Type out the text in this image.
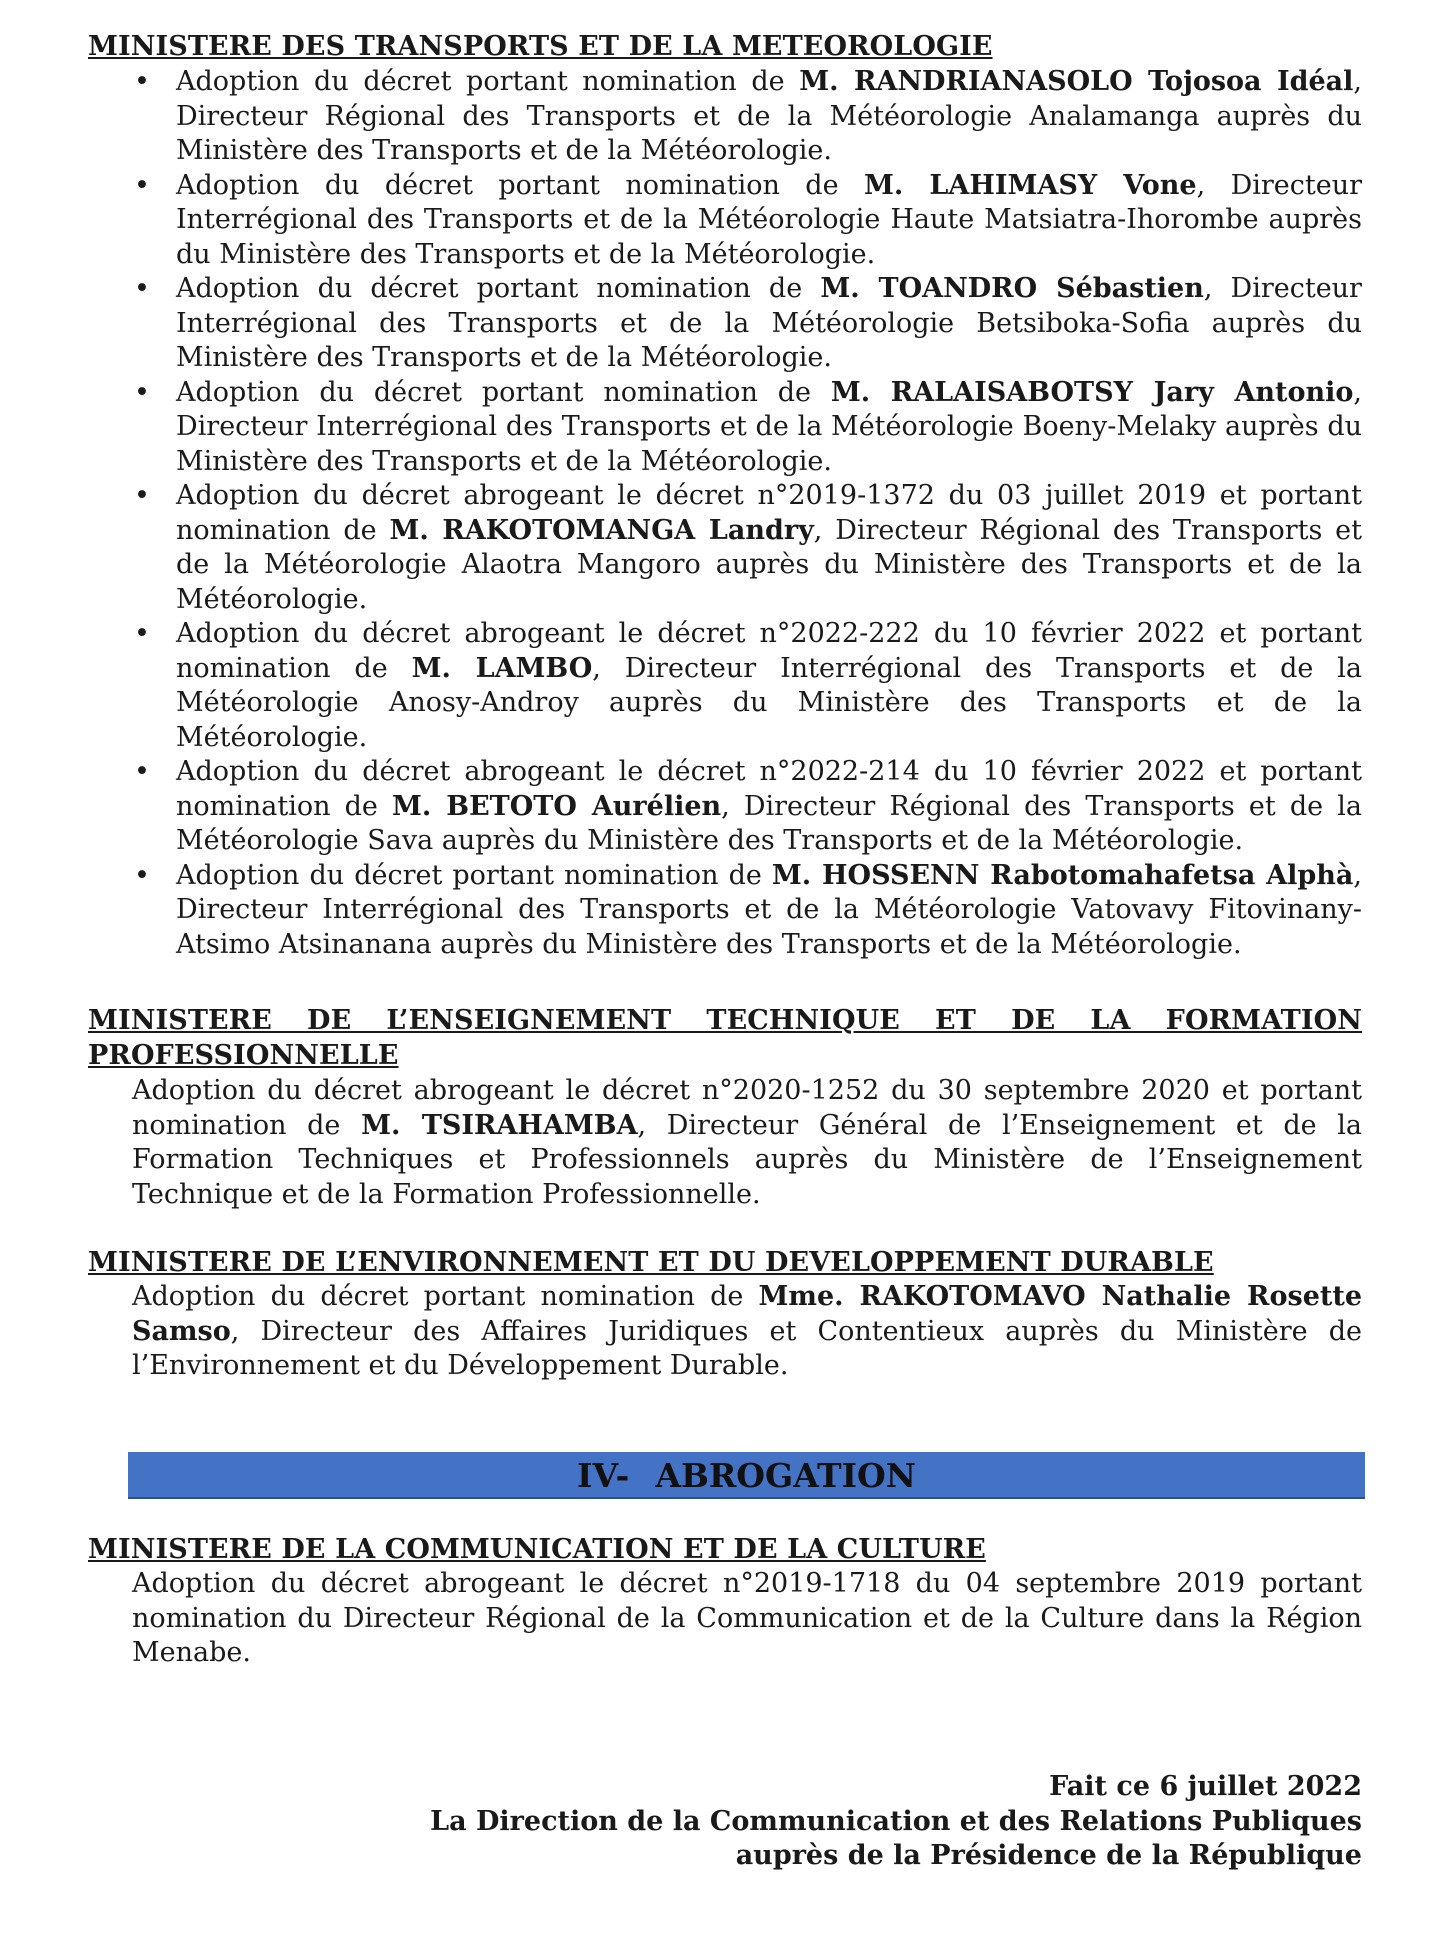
MINISTERE DES TRANSPORTS ET DE LA METEOROLOGIE
• Adoption du décret portant nomination de M. RANDRIANASOLO Tojosoa Idéal, Directeur Régional des Transports et de la Météorologie Analamanga auprès du Ministère des Transports et de la Météorologie.
• Adoption du décret portant nomination de M. LAHIMASY Vone, Directeur Interrégional des Transports et de la Météorologie Haute Matsiatra-Ihorombe auprès du Ministère des Transports et de la Météorologie.
• Adoption du décret portant nomination de M. TOANDRO Sébastien, Directeur Interrégional des Transports et de la Météorologie Betsiboka-Sofia auprès du Ministère des Transports et de la Météorologie.
• Adoption du décret portant nomination de M. RALAISABOTSY Jary Antonio, Directeur Interrégional des Transports et de la Météorologie Boeny-Melaky auprès du Ministère des Transports et de la Météorologie.
• Adoption du décret abrogeant le décret n°2019-1372 du 03 juillet 2019 et portant nomination de M. RAKOTOMANGA Landry, Directeur Régional des Transports et de la Météorologie Alaotra Mangoro auprès du Ministère des Transports et de la Météorologie.
• Adoption du décret abrogeant le décret n°2022-222 du 10 février 2022 et portant nomination de M. LAMBO, Directeur Interrégional des Transports et de la Météorologie Anosy-Androy auprès du Ministère des Transports et de la Météorologie.
• Adoption du décret abrogeant le décret n°2022-214 du 10 février 2022 et portant nomination de M. BETOTO Aurélien, Directeur Régional des Transports et de la Météorologie Sava auprès du Ministère des Transports et de la Météorologie.
• Adoption du décret portant nomination de M. HOSSENN Rabotomahafetsa Alphà, Directeur Interrégional des Transports et de la Météorologie Vatovavy Fitovinany-Atsimo Atsinanana auprès du Ministère des Transports et de la Météorologie.
MINISTERE DE L’ENSEIGNEMENT TECHNIQUE ET DE LA FORMATION PROFESSIONNELLE
Adoption du décret abrogeant le décret n°2020-1252 du 30 septembre 2020 et portant nomination de M. TSIRAHAMBA, Directeur Général de l’Enseignement et de la Formation Techniques et Professionnels auprès du Ministère de l’Enseignement Technique et de la Formation Professionnelle.
MINISTERE DE L’ENVIRONNEMENT ET DU DEVELOPPEMENT DURABLE
Adoption du décret portant nomination de Mme. RAKOTOMAVO Nathalie Rosette Samso, Directeur des Affaires Juridiques et Contentieux auprès du Ministère de l’Environnement et du Développement Durable.
IV- ABROGATION
MINISTERE DE LA COMMUNICATION ET DE LA CULTURE
Adoption du décret abrogeant le décret n°2019-1718 du 04 septembre 2019 portant nomination du Directeur Régional de la Communication et de la Culture dans la Région Menabe.
Fait ce 6 juillet 2022
La Direction de la Communication et des Relations Publiques
auprès de la Présidence de la République
